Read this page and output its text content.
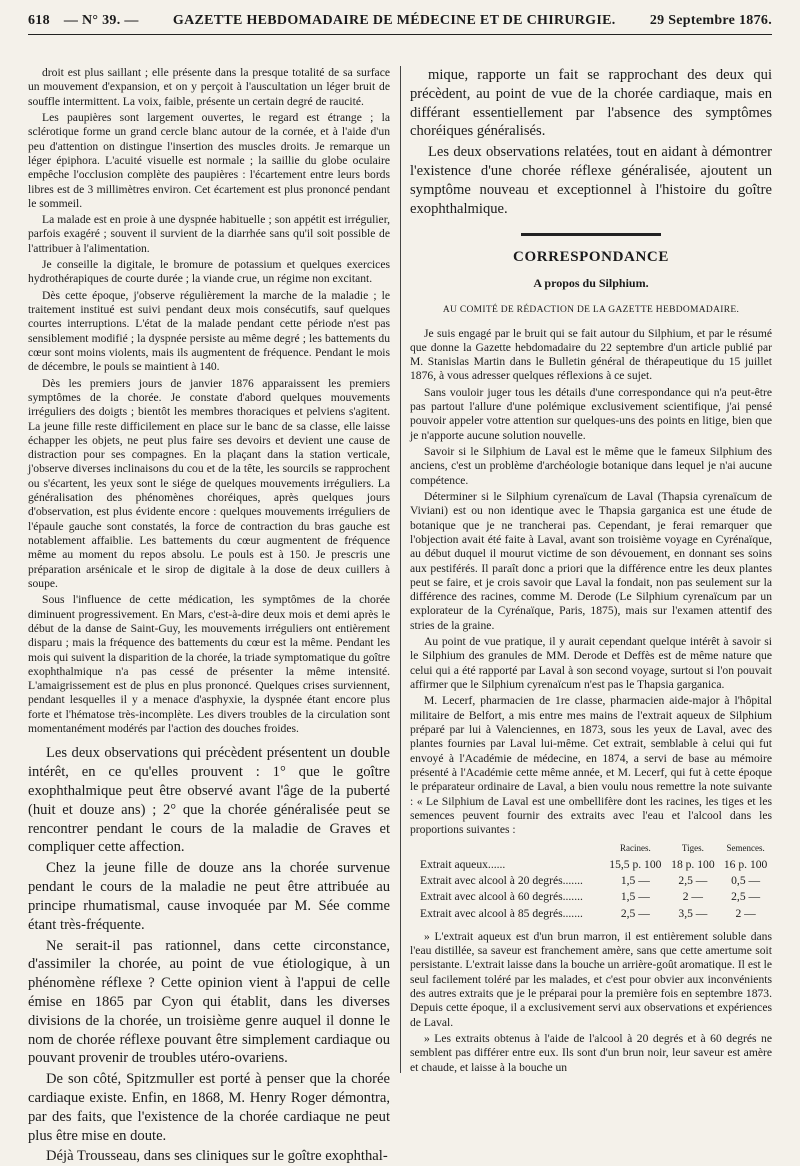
618 — N° 39. —	GAZETTE HEBDOMADAIRE DE MÉDECINE ET DE CHIRURGIE.	29 Septembre 1876.

droit est plus saillant ; elle présente dans la presque totalité de sa surface un mouvement d'expansion, et on y perçoit à l'auscultation un léger bruit de souffle intermittent. La voix, faible, présente un certain degré de raucité.

Les paupières sont largement ouvertes, le regard est étrange ; la sclérotique forme un grand cercle blanc autour de la cornée, et à l'aide d'un peu d'attention on distingue l'insertion des muscles droits. Je remarque un léger épiphora. L'acuité visuelle est normale ; la saillie du globe oculaire empêche l'occlusion complète des paupières : l'écartement entre leurs bords libres est de 3 millimètres environ. Cet écartement est plus prononcé pendant le sommeil.

La malade est en proie à une dyspnée habituelle ; son appétit est irrégulier, parfois exagéré ; souvent il survient de la diarrhée sans qu'il soit possible de l'attribuer à l'alimentation.

Je conseille la digitale, le bromure de potassium et quelques exercices hydrothérapiques de courte durée ; la viande crue, un régime non excitant.

Dès cette époque, j'observe régulièrement la marche de la maladie ; le traitement institué est suivi pendant deux mois consécutifs, sauf quelques courtes interruptions. L'état de la malade pendant cette période n'est pas sensiblement modifié ; la dyspnée persiste au même degré ; les battements du cœur sont moins violents, mais ils augmentent de fréquence. Pendant le mois de décembre, le pouls se maintient à 140.

Dès les premiers jours de janvier 1876 apparaissent les premiers symptômes de la chorée. Je constate d'abord quelques mouvements irréguliers des doigts ; bientôt les membres thoraciques et pelviens s'agitent. La jeune fille reste difficilement en place sur le banc de sa classe, elle laisse échapper les objets, ne peut plus faire ses devoirs et devient une cause de distraction pour ses compagnes. En la plaçant dans la station verticale, j'observe diverses inclinaisons du cou et de la tête, les sourcils se rapprochent ou s'écartent, les yeux sont le siége de quelques mouvements irréguliers. La généralisation des phénomènes choréiques, après quelques jours d'observation, est plus évidente encore : quelques mouvements irréguliers de l'épaule gauche sont constatés, la force de contraction du bras gauche est notablement affaiblie. Les battements du cœur augmentent de fréquence même au moment du repos absolu. Le pouls est à 150. Je prescris une préparation arsénicale et le sirop de digitale à la dose de deux cuillers à soupe.

Sous l'influence de cette médication, les symptômes de la chorée diminuent progressivement. En Mars, c'est-à-dire deux mois et demi après le début de la danse de Saint-Guy, les mouvements irréguliers ont entièrement disparu ; mais la fréquence des battements du cœur est la même. Pendant les mois qui suivent la disparition de la chorée, la triade symptomatique du goître exophthalmique n'a pas cessé de présenter la même intensité. L'amaigrissement est de plus en plus prononcé. Quelques crises surviennent, pendant lesquelles il y a menace d'asphyxie, la dyspnée étant encore plus forte et l'hématose très-incomplète. Les divers troubles de la circulation sont momentanément modérés par l'action des douches froides.

Les deux observations qui précèdent présentent un double intérêt, en ce qu'elles prouvent : 1° que le goître exophthalmique peut être observé avant l'âge de la puberté (huit et douze ans) ; 2° que la chorée généralisée peut se rencontrer pendant le cours de la maladie de Graves et compliquer cette affection.

Chez la jeune fille de douze ans la chorée survenue pendant le cours de la maladie ne peut être attribuée au principe rhumatismal, cause invoquée par M. Sée comme étant très-fréquente.

Ne serait-il pas rationnel, dans cette circonstance, d'assimiler la chorée, au point de vue étiologique, à un phénomène réflexe ? Cette opinion vient à l'appui de celle émise en 1865 par Cyon qui établit, dans les diverses divisions de la chorée, un troisième genre auquel il donne le nom de chorée réflexe pouvant être simplement cardiaque ou pouvant provenir de troubles utéro-ovariens.

De son côté, Spitzmuller est porté à penser que la chorée cardiaque existe. Enfin, en 1868, M. Henry Roger démontra, par des faits, que l'existence de la chorée cardiaque ne peut plus être mise en doute.

Déjà Trousseau, dans ses cliniques sur le goître exophthal-

mique, rapporte un fait se rapprochant des deux qui précèdent, au point de vue de la chorée cardiaque, mais en différant essentiellement par l'absence des symptômes choréiques généralisés.

Les deux observations relatées, tout en aidant à démontrer l'existence d'une chorée réflexe généralisée, ajoutent un symptôme nouveau et exceptionnel à l'histoire du goître exophthalmique.

CORRESPONDANCE
A propos du Silphium.
AU COMITÉ DE RÉDACTION DE LA GAZETTE HEBDOMADAIRE.

Je suis engagé par le bruit qui se fait autour du Silphium, et par le résumé que donne la Gazette hebdomadaire du 22 septembre d'un article publié par M. Stanislas Martin dans le Bulletin général de thérapeutique du 15 juillet 1876, à vous adresser quelques réflexions à ce sujet.

Sans vouloir juger tous les détails d'une correspondance qui n'a peut-être pas partout l'allure d'une polémique exclusivement scientifique, j'ai pensé pouvoir appeler votre attention sur quelques-uns des points en litige, bien que je n'apporte aucune solution nouvelle.

Savoir si le Silphium de Laval est le même que le fameux Silphium des anciens, c'est un problème d'archéologie botanique dans lequel je n'ai aucune compétence.

Déterminer si le Silphium cyrenaïcum de Laval (Thapsia cyrenaïcum de Viviani) est ou non identique avec le Thapsia garganica est une étude de botanique que je ne trancherai pas. Cependant, je ferai remarquer que l'objection avait été faite à Laval, avant son troisième voyage en Cyrénaïque, au début duquel il mourut victime de son dévouement, en donnant ses soins aux pestiférés. Il paraît donc a priori que la différence entre les deux plantes peut se faire, et je crois savoir que Laval la fondait, non pas seulement sur la différence des racines, comme M. Derode (Le Silphium cyrenaïcum par un explorateur de la Cyrénaïque, Paris, 1875), mais sur l'examen attentif des stries de la graine.

Au point de vue pratique, il y aurait cependant quelque intérêt à savoir si le Silphium des granules de MM. Derode et Deffès est de même nature que celui qui a été rapporté par Laval à son second voyage, surtout si l'on pouvait affirmer que le Silphium cyrenaïcum n'est pas le Thapsia garganica.

M. Lecerf, pharmacien de 1re classe, pharmacien aide-major à l'hôpital militaire de Belfort, a mis entre mes mains de l'extrait aqueux de Silphium préparé par lui à Valenciennes, en 1873, sous les yeux de Laval, avec des plantes fournies par Laval lui-même. Cet extrait, semblable à celui qui fut envoyé à l'Académie de médecine, en 1874, a servi de base au mémoire présenté à l'Académie cette même année, et M. Lecerf, qui fut à cette époque le préparateur ordinaire de Laval, a bien voulu nous remettre la note suivante : « Le Silphium de Laval est une ombellifère dont les racines, les tiges et les semences peuvent fournir des extraits avec l'eau et l'alcool dans les proportions suivantes :

	Racines.	Tiges.	Semences.
Extrait aqueux......	15,5 p. 100	18 p. 100	16 p. 100
Extrait avec alcool à 20 degrés.......	1,5 —	2,5 —	0,5 —
Extrait avec alcool à 60 degrés.......	1,5 —	2 —	2,5 —
Extrait avec alcool à 85 degrés.......	2,5 —	3,5 —	2 —

» L'extrait aqueux est d'un brun marron, il est entièrement soluble dans l'eau distillée, sa saveur est franchement amère, sans que cette amertume soit persistante. L'extrait laisse dans la bouche un arrière-goût aromatique. Il est le seul facilement toléré par les malades, et c'est pour obvier aux inconvénients des autres extraits que je le préparai pour la première fois en septembre 1873. Depuis cette époque, il a exclusivement servi aux observations et expériences de Laval.

» Les extraits obtenus à l'aide de l'alcool à 20 degrés et à 60 degrés ne semblent pas différer entre eux. Ils sont d'un brun noir, leur saveur est amère et chaude, et laisse à la bouche un
